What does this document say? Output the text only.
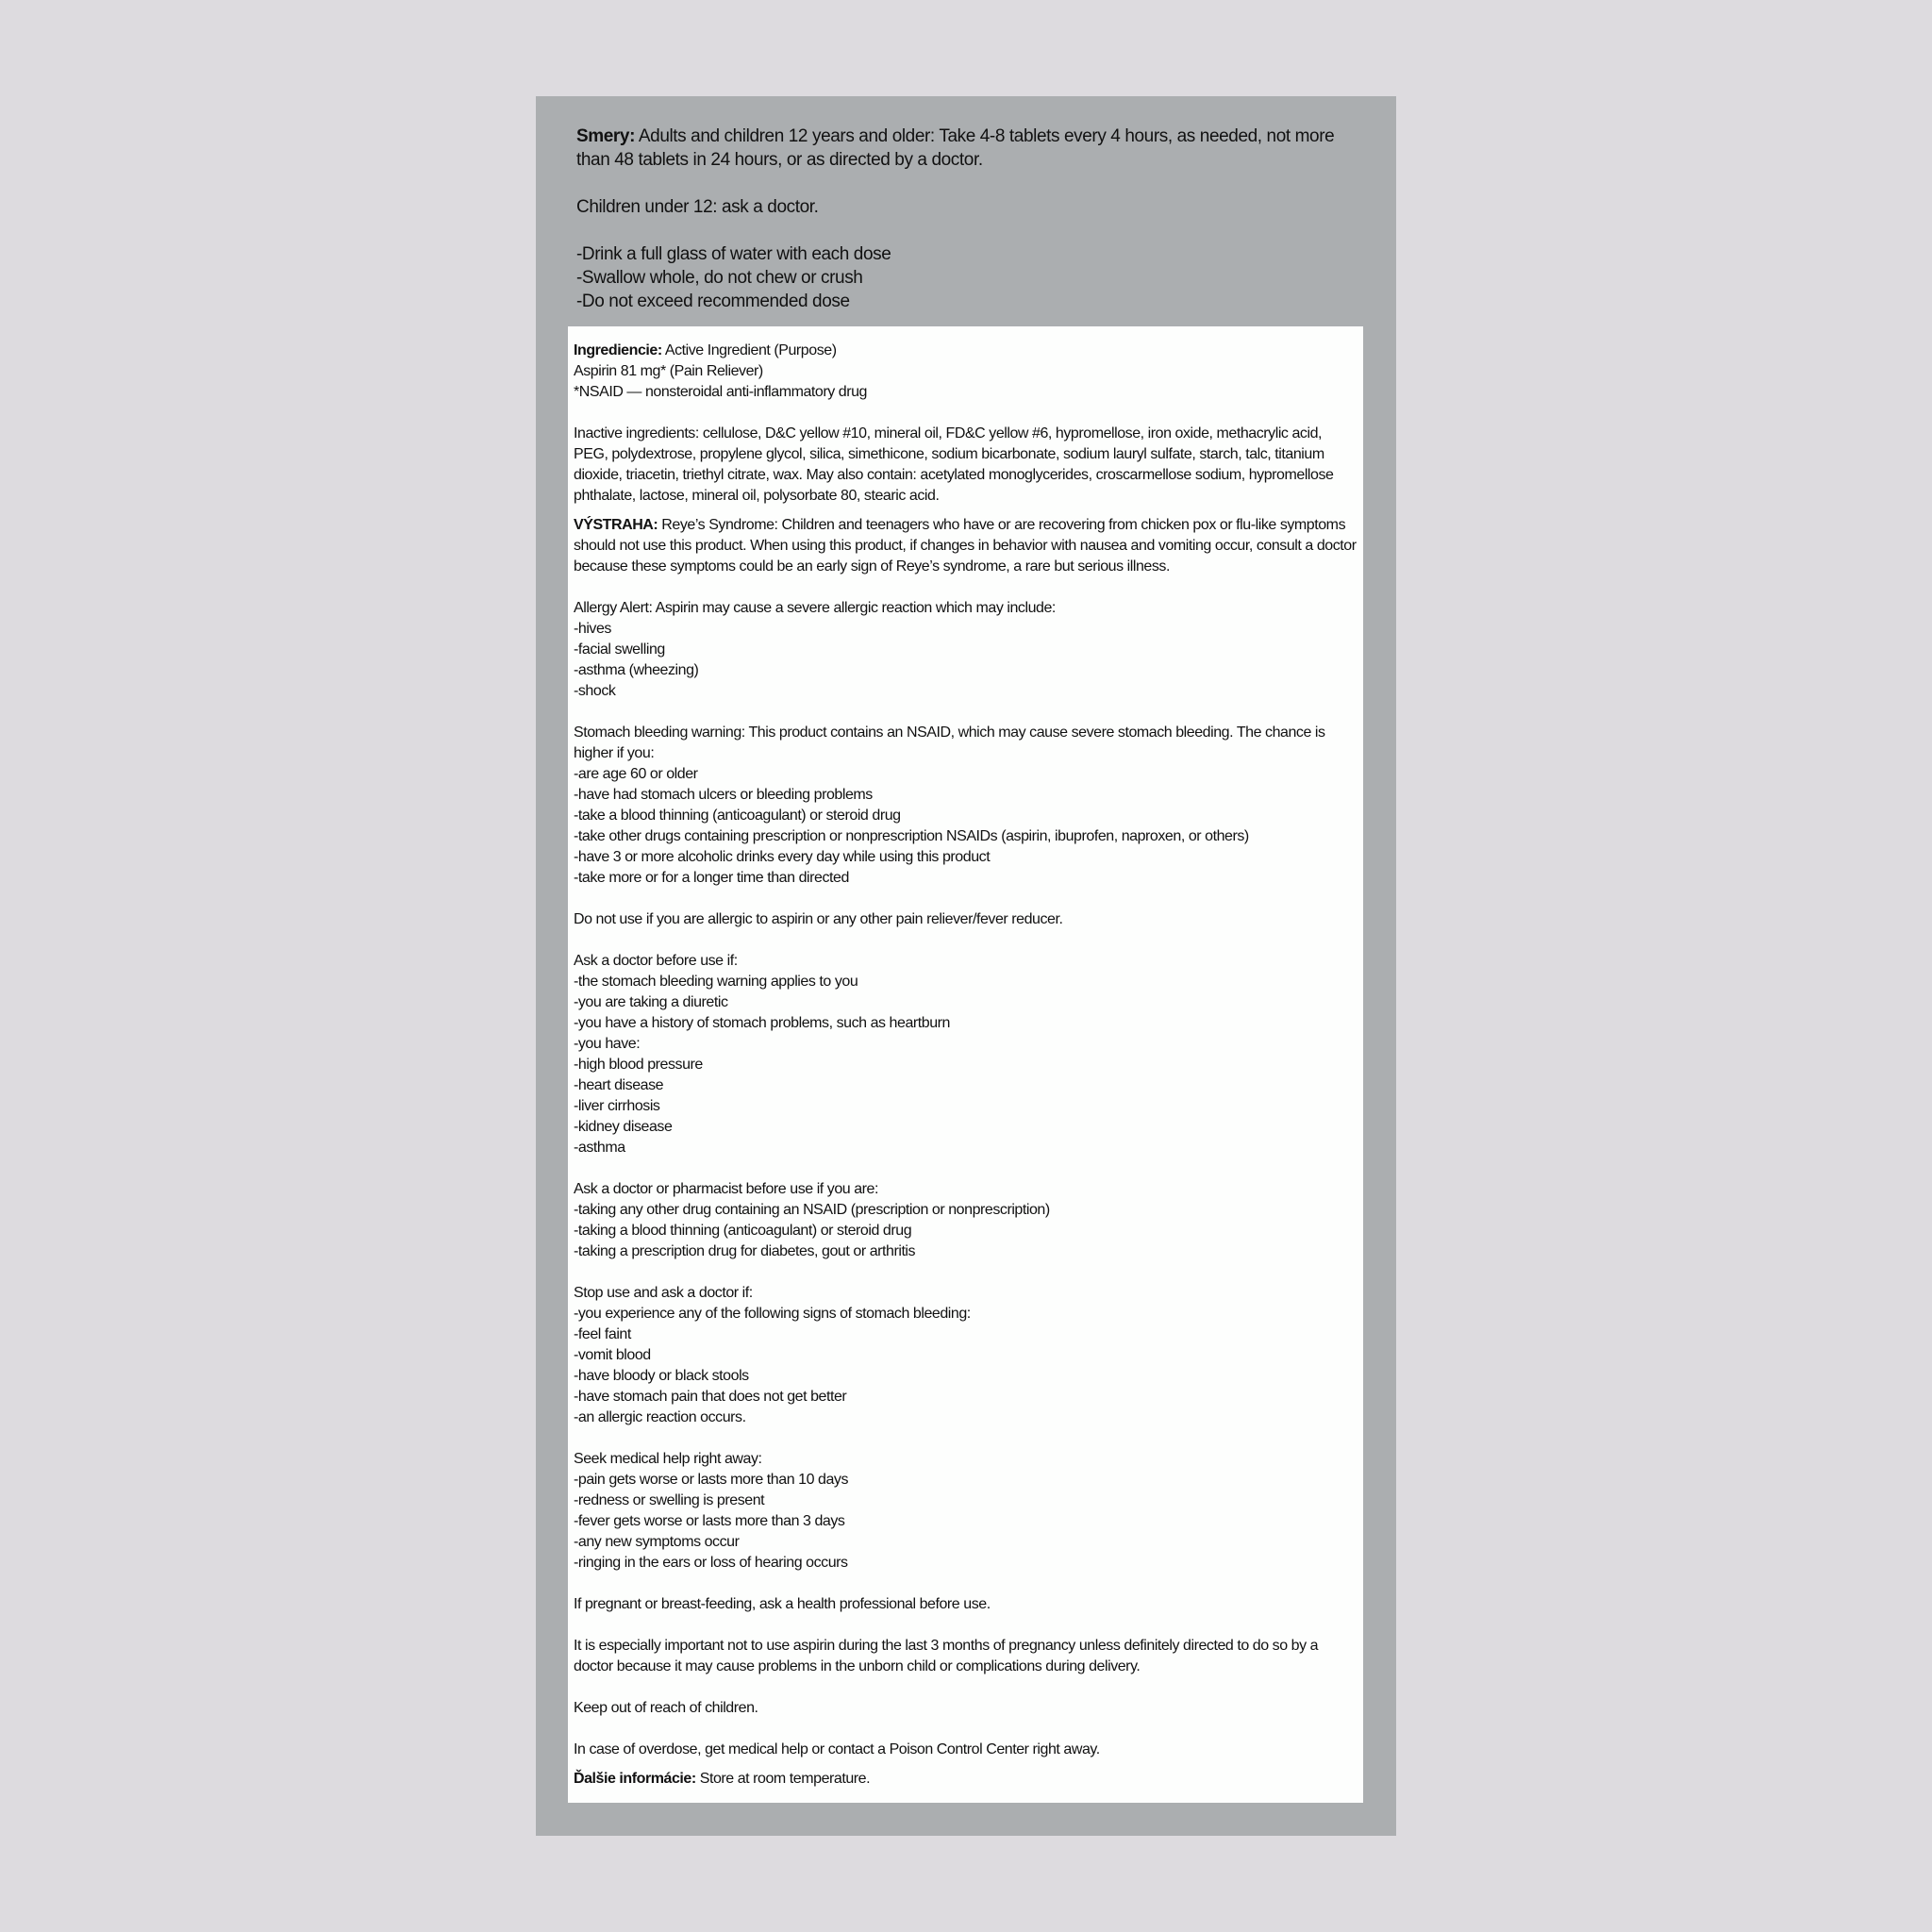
Smery: Adults and children 12 years and older: Take 4-8 tablets every 4 hours, as needed, not more than 48 tablets in 24 hours, or as directed by a doctor.

Children under 12: ask a doctor.

-Drink a full glass of water with each dose

-Swallow whole, do not chew or crush

-Do not exceed recommended dose

Ingrediencie: Active Ingredient (Purpose)
Aspirin 81 mg* (Pain Reliever)
*NSAID — nonsteroidal anti-inflammatory drug
Inactive ingredients: cellulose, D&C yellow #10, mineral oil, FD&C yellow #6, hypromellose, iron oxide, methacrylic acid, PEG, polydextrose, propylene glycol, silica, simethicone, sodium bicarbonate, sodium lauryl sulfate, starch, talc, titanium dioxide, triacetin, triethyl citrate, wax. May also contain: acetylated monoglycerides, croscarmellose sodium, hypromellose phthalate, lactose, mineral oil, polysorbate 80, stearic acid.
VÝSTRAHA: Reye’s Syndrome: Children and teenagers who have or are recovering from chicken pox or flu-like symptoms should not use this product. When using this product, if changes in behavior with nausea and vomiting occur, consult a doctor because these symptoms could be an early sign of Reye’s syndrome, a rare but serious illness.
Allergy Alert: Aspirin may cause a severe allergic reaction which may include:
-hives
-facial swelling
-asthma (wheezing)
-shock
Stomach bleeding warning: This product contains an NSAID, which may cause severe stomach bleeding. The chance is higher if you:
-are age 60 or older
-have had stomach ulcers or bleeding problems
-take a blood thinning (anticoagulant) or steroid drug
-take other drugs containing prescription or nonprescription NSAIDs (aspirin, ibuprofen, naproxen, or others)
-have 3 or more alcoholic drinks every day while using this product
-take more or for a longer time than directed
Do not use if you are allergic to aspirin or any other pain reliever/fever reducer.
Ask a doctor before use if:
-the stomach bleeding warning applies to you
-you are taking a diuretic
-you have a history of stomach problems, such as heartburn
-you have:
-high blood pressure
-heart disease
-liver cirrhosis
-kidney disease
-asthma
Ask a doctor or pharmacist before use if you are:
-taking any other drug containing an NSAID (prescription or nonprescription)
-taking a blood thinning (anticoagulant) or steroid drug
-taking a prescription drug for diabetes, gout or arthritis
Stop use and ask a doctor if:
-you experience any of the following signs of stomach bleeding:
-feel faint
-vomit blood
-have bloody or black stools
-have stomach pain that does not get better
-an allergic reaction occurs.
Seek medical help right away:
-pain gets worse or lasts more than 10 days
-redness or swelling is present
-fever gets worse or lasts more than 3 days
-any new symptoms occur
-ringing in the ears or loss of hearing occurs
If pregnant or breast-feeding, ask a health professional before use.
It is especially important not to use aspirin during the last 3 months of pregnancy unless definitely directed to do so by a doctor because it may cause problems in the unborn child or complications during delivery.
Keep out of reach of children.
In case of overdose, get medical help or contact a Poison Control Center right away.
Ďalšie informácie: Store at room temperature.
